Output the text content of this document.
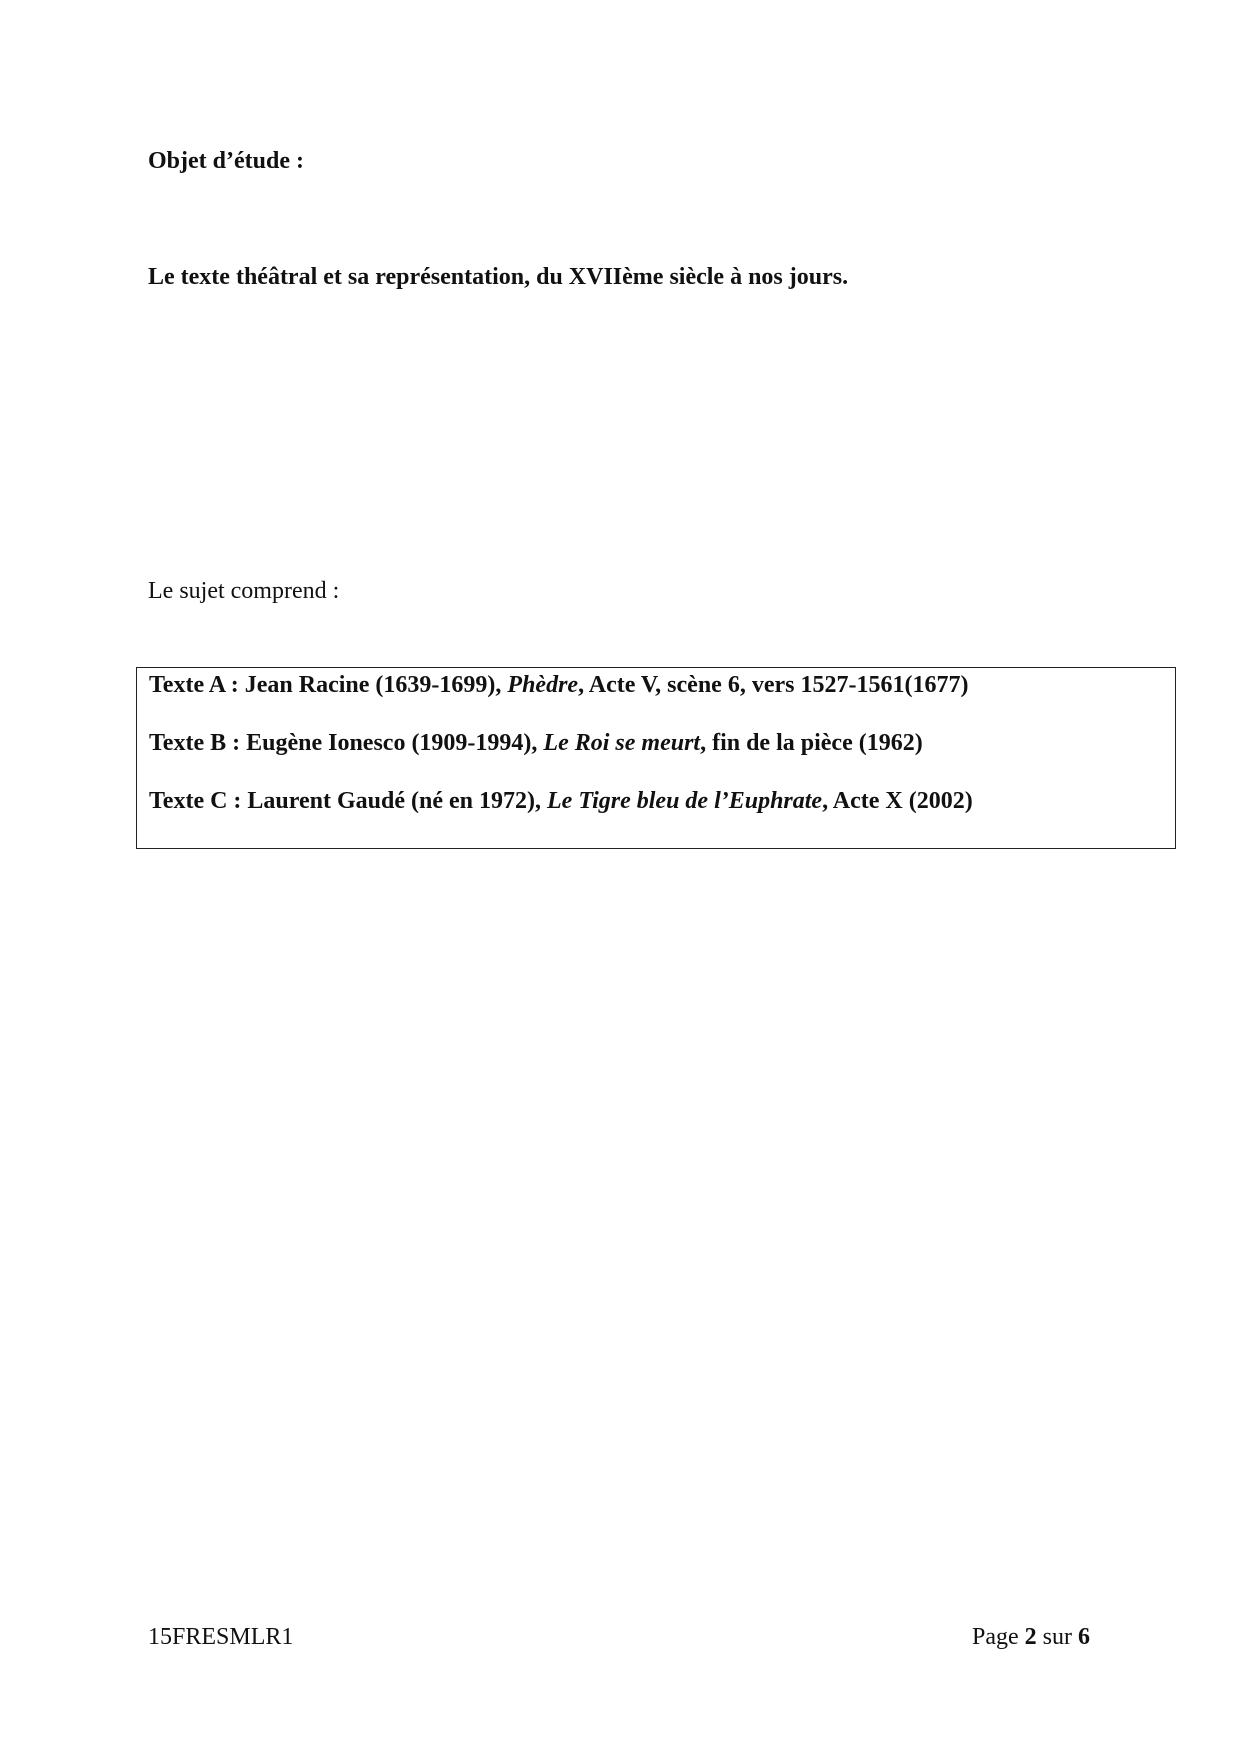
Objet d’étude :
Le texte théâtral et sa représentation, du XVIIème siècle à nos jours.
Le sujet comprend :
Texte A : Jean Racine (1639-1699), Phèdre, Acte V, scène 6, vers 1527-1561(1677)
Texte B : Eugène Ionesco (1909-1994), Le Roi se meurt, fin de la pièce (1962)
Texte C : Laurent Gaudé (né en 1972), Le Tigre bleu de l’Euphrate, Acte X (2002)
15FRESMLR1	Page 2 sur 6
